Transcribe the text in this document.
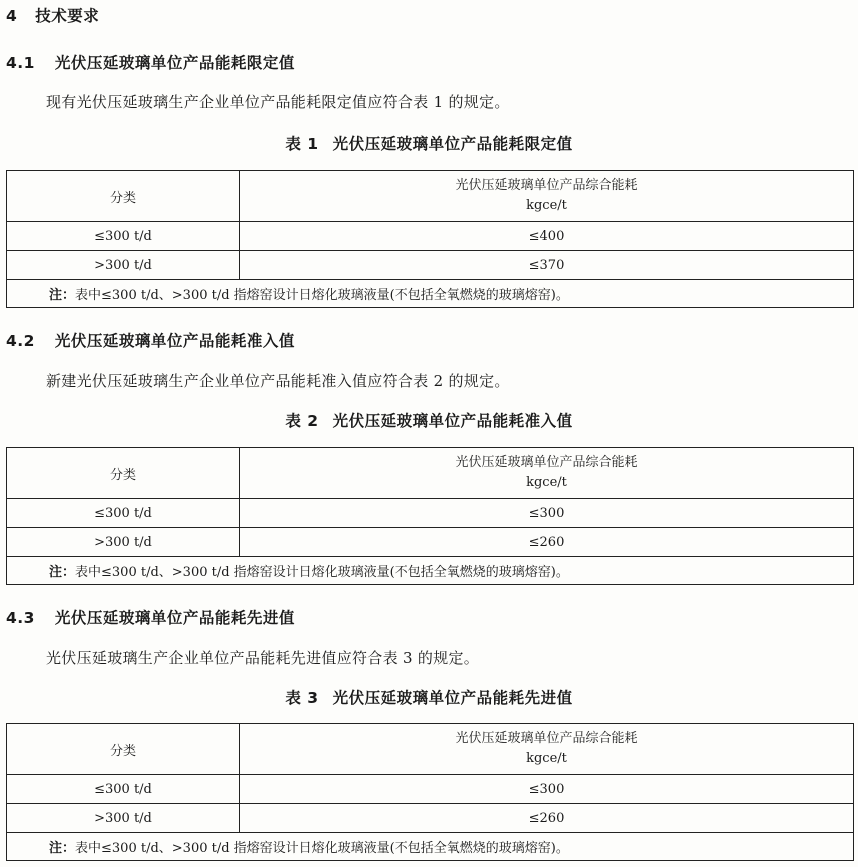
4 技术要求
4.1 光伏压延玻璃单位产品能耗限定值
现有光伏压延玻璃生产企业单位产品能耗限定值应符合表 1 的规定。
表 1 光伏压延玻璃单位产品能耗限定值
分类	光伏压延玻璃单位产品综合能耗
kgce/t

≤300 t/d	≤400
>300 t/d	≤370
注：表中≤300 t/d、>300 t/d 指熔窑设计日熔化玻璃液量(不包括全氧燃烧的玻璃熔窑)。	
4.2 光伏压延玻璃单位产品能耗准入值
新建光伏压延玻璃生产企业单位产品能耗准入值应符合表 2 的规定。
表 2 光伏压延玻璃单位产品能耗准入值
分类	光伏压延玻璃单位产品综合能耗
kgce/t

≤300 t/d	≤300
>300 t/d	≤260
注：表中≤300 t/d、>300 t/d 指熔窑设计日熔化玻璃液量(不包括全氧燃烧的玻璃熔窑)。	
4.3 光伏压延玻璃单位产品能耗先进值
光伏压延玻璃生产企业单位产品能耗先进值应符合表 3 的规定。
表 3 光伏压延玻璃单位产品能耗先进值
分类	光伏压延玻璃单位产品综合能耗
kgce/t

≤300 t/d	≤300
>300 t/d	≤260
注：表中≤300 t/d、>300 t/d 指熔窑设计日熔化玻璃液量(不包括全氧燃烧的玻璃熔窑)。	
